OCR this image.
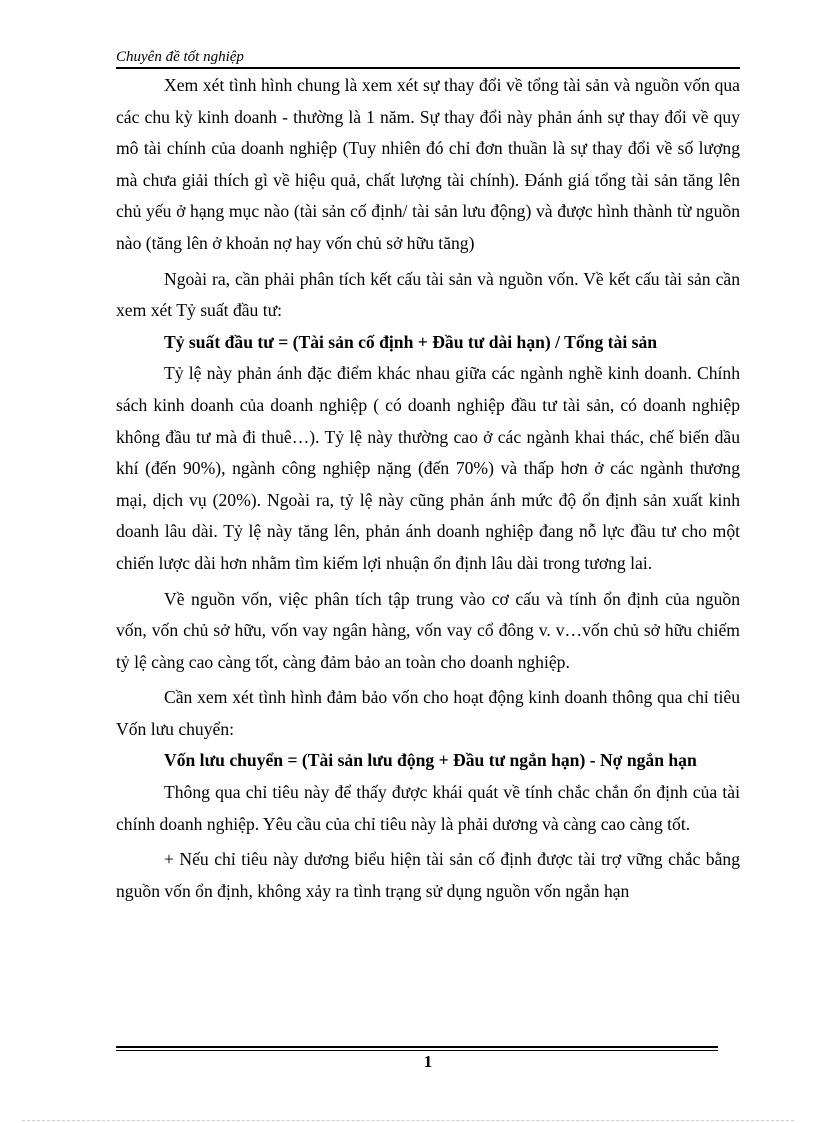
Chuyên đề tốt nghiệp

Xem xét tình hình chung là xem xét sự thay đổi về tổng tài sản và nguồn vốn qua các chu kỳ kinh doanh - thường là 1 năm. Sự thay đổi này phản ánh sự thay đổi về quy mô tài chính của doanh nghiệp (Tuy nhiên đó chỉ đơn thuần là sự thay đổi về số lượng mà chưa giải thích gì về hiệu quả, chất lượng tài chính). Đánh giá tổng tài sản tăng lên chủ yếu ở hạng mục nào (tài sản cố định/ tài sản lưu động) và được hình thành từ nguồn nào (tăng lên ở khoản nợ hay vốn chủ sở hữu tăng)

Ngoài ra, cần phải phân tích kết cấu tài sản và nguồn vốn. Về kết cấu tài sản cần xem xét Tỷ suất đầu tư:

Tỷ suất đầu tư = (Tài sản cố định + Đầu tư dài hạn) / Tổng tài sản

Tỷ lệ này phản ánh đặc điểm khác nhau giữa các ngành nghề kinh doanh. Chính sách kinh doanh của doanh nghiệp ( có doanh nghiệp đầu tư tài sản, có doanh nghiệp không đầu tư mà đi thuê…). Tỷ lệ này thường cao ở các ngành khai thác, chế biến dầu khí (đến 90%), ngành công nghiệp nặng (đến 70%) và thấp hơn ở các ngành thương mại, dịch vụ (20%). Ngoài ra, tỷ lệ này cũng phản ánh mức độ ổn định sản xuất kinh doanh lâu dài. Tỷ lệ này tăng lên, phản ánh doanh nghiệp đang nỗ lực đầu tư cho một chiến lược dài hơn nhằm tìm kiếm lợi nhuận ổn định lâu dài trong tương lai.

Về nguồn vốn, việc phân tích tập trung vào cơ cấu và tính ổn định của nguồn vốn, vốn chủ sở hữu, vốn vay ngân hàng, vốn vay cổ đông v. v…vốn chủ sở hữu chiếm tỷ lệ càng cao càng tốt, càng đảm bảo an toàn cho doanh nghiệp.

Cần xem xét tình hình đảm bảo vốn cho hoạt động kinh doanh thông qua chỉ tiêu Vốn lưu chuyển:

Vốn lưu chuyển = (Tài sản lưu động + Đầu tư ngắn hạn) - Nợ ngắn hạn

Thông qua chỉ tiêu này để thấy được khái quát về tính chắc chắn ổn định của tài chính doanh nghiệp. Yêu cầu của chỉ tiêu này là phải dương và càng cao càng tốt.

+ Nếu chỉ tiêu này dương biểu hiện tài sản cố định được tài trợ vững chắc bằng nguồn vốn ổn định, không xảy ra tình trạng sử dụng nguồn vốn ngắn hạn

1
